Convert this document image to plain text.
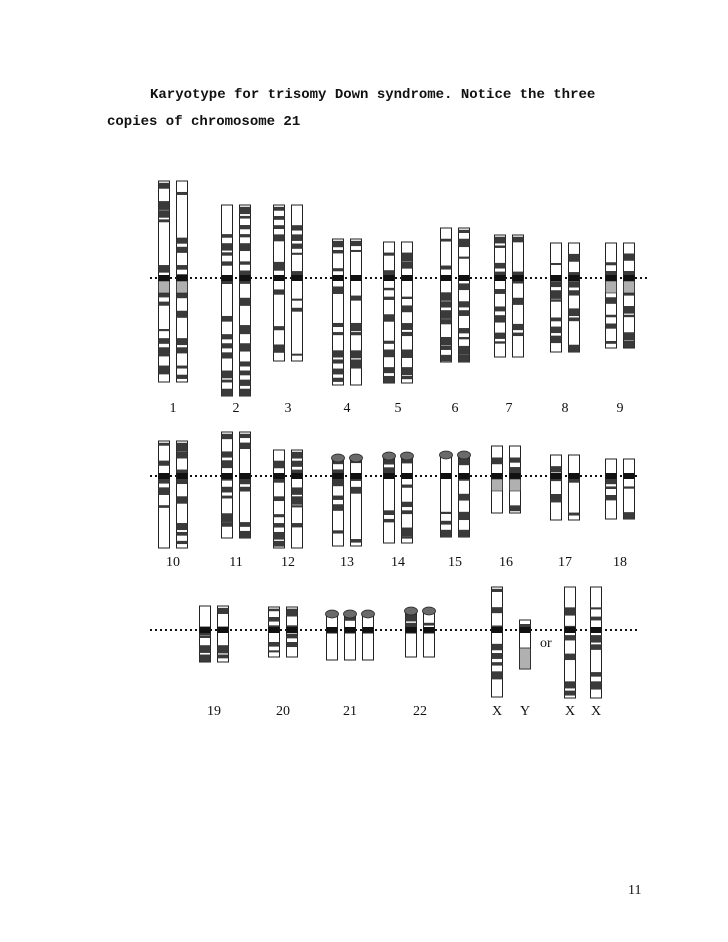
Karyotype for trisomy Down syndrome. Notice the three
copies of chromosome 21
1	2	3	4	5	6	7	8	9
10	11	12	13	14	15	16	17	18
19	20	21	22	X Y X X
or
11
